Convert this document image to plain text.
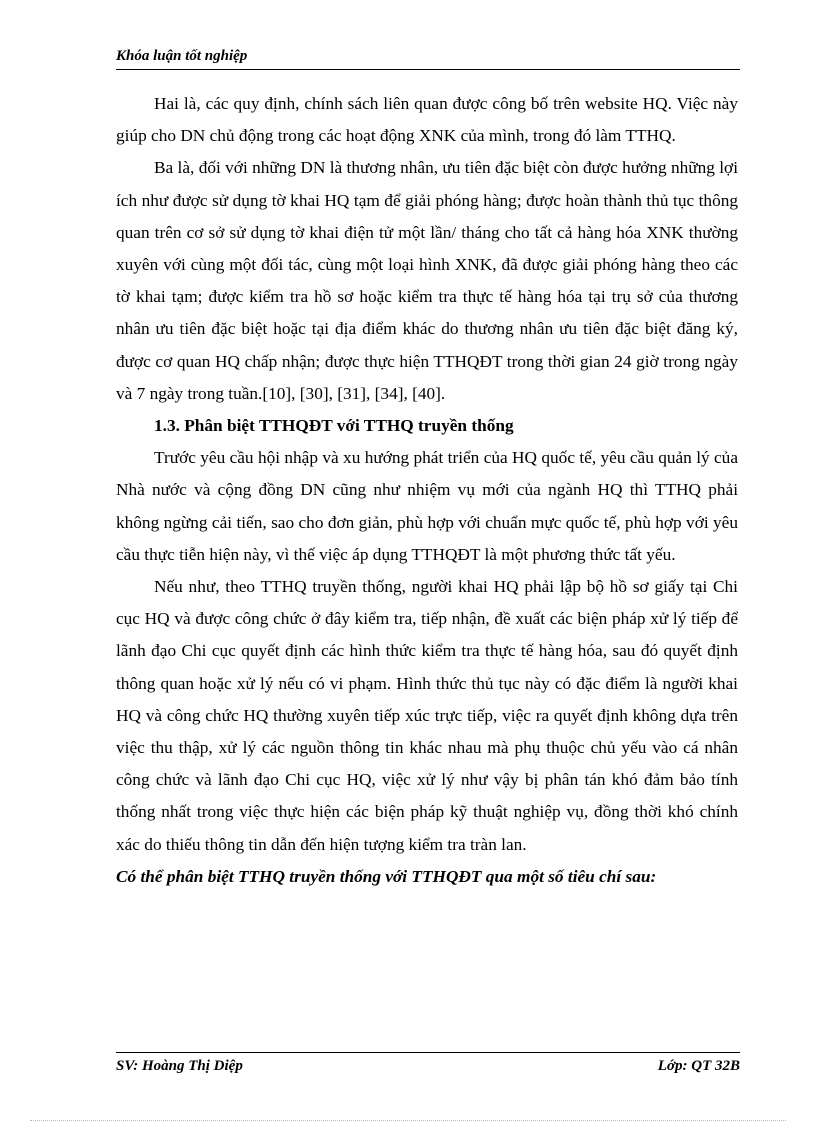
Khóa luận tốt nghiệp

Hai là, các quy định, chính sách liên quan được công bố trên website HQ. Việc này giúp cho DN chủ động trong các hoạt động XNK của mình, trong đó làm TTHQ.

Ba là, đối với những DN là thương nhân, ưu tiên đặc biệt còn được hưởng những lợi ích như được sử dụng tờ khai HQ tạm để giải phóng hàng; được hoàn thành thủ tục thông quan trên cơ sở sử dụng tờ khai điện tử một lần/ tháng cho tất cả hàng hóa XNK thường xuyên với cùng một đối tác, cùng một loại hình XNK, đã được giải phóng hàng theo các tờ khai tạm; được kiểm tra hồ sơ hoặc kiểm tra thực tế hàng hóa tại trụ sở của thương nhân ưu tiên đặc biệt hoặc tại địa điểm khác do thương nhân ưu tiên đặc biệt đăng ký, được cơ quan HQ chấp nhận; được thực hiện TTHQĐT trong thời gian 24 giờ trong ngày và 7 ngày trong tuần.[10], [30], [31], [34], [40].

1.3. Phân biệt TTHQĐT với TTHQ truyền thống

Trước yêu cầu hội nhập và xu hướng phát triển của HQ quốc tế, yêu cầu quản lý của Nhà nước và cộng đồng DN cũng như nhiệm vụ mới của ngành HQ thì TTHQ phải không ngừng cải tiến, sao cho đơn giản, phù hợp với chuẩn mực quốc tế, phù hợp với yêu cầu thực tiễn hiện này, vì thế việc áp dụng TTHQĐT là một phương thức tất yếu.

Nếu như, theo TTHQ truyền thống, người khai HQ phải lập bộ hồ sơ giấy tại Chi cục HQ và được công chức ở đây kiểm tra, tiếp nhận, đề xuất các biện pháp xử lý tiếp để lãnh đạo Chi cục quyết định các hình thức kiểm tra thực tế hàng hóa, sau đó quyết định thông quan hoặc xử lý nếu có vi phạm. Hình thức thủ tục này có đặc điểm là người khai HQ và công chức HQ thường xuyên tiếp xúc trực tiếp, việc ra quyết định không dựa trên việc thu thập, xử lý các nguồn thông tin khác nhau mà phụ thuộc chủ yếu vào cá nhân công chức và lãnh đạo Chi cục HQ, việc xử lý như vậy bị phân tán khó đảm bảo tính thống nhất trong việc thực hiện các biện pháp kỹ thuật nghiệp vụ, đồng thời khó chính xác do thiếu thông tin dẫn đến hiện tượng kiểm tra tràn lan.

Có thể phân biệt TTHQ truyền thống với TTHQĐT qua một số tiêu chí sau:

SV: Hoàng Thị Diệp	Lớp: QT 32B
